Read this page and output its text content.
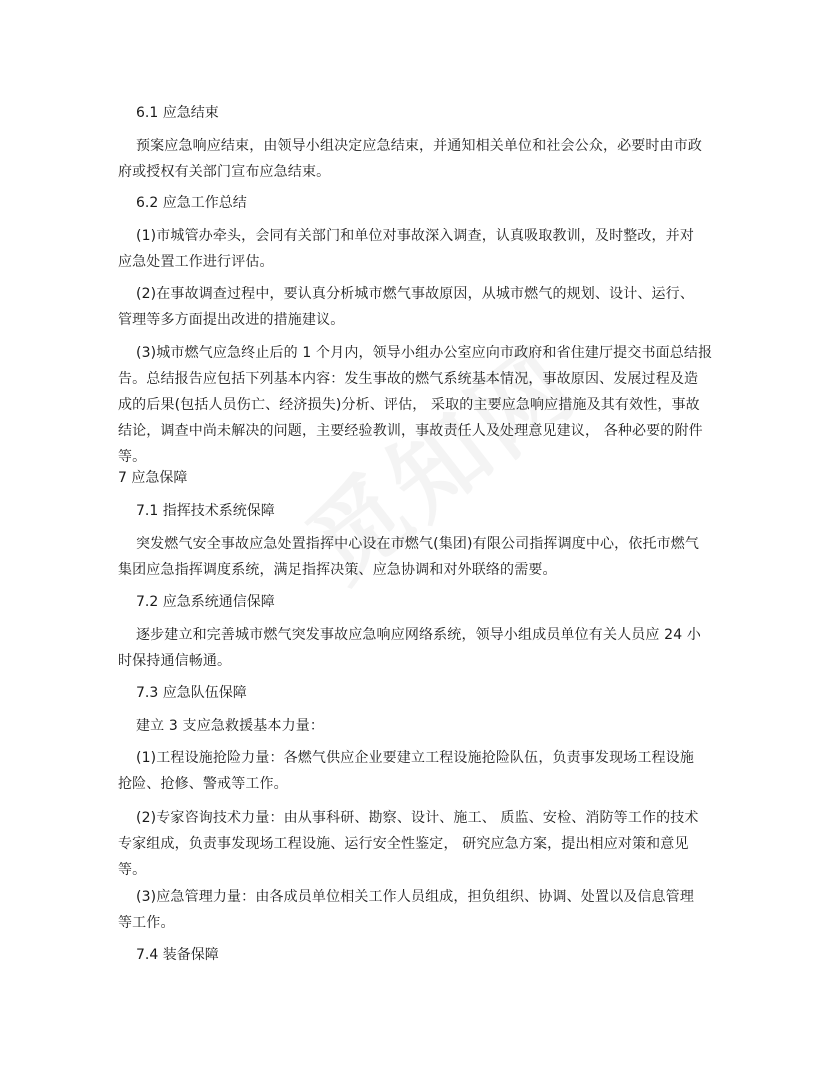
6.1 应急结束
预案应急响应结束，由领导小组决定应急结束，并通知相关单位和社会公众，必要时由市政
府或授权有关部门宣布应急结束。
6.2 应急工作总结
(1)市城管办牵头，会同有关部门和单位对事故深入调查，认真吸取教训，及时整改，并对
应急处置工作进行评估。
(2)在事故调查过程中，要认真分析城市燃气事故原因，从城市燃气的规划、设计、运行、
管理等多方面提出改进的措施建议。
(3)城市燃气应急终止后的 1 个月内，领导小组办公室应向市政府和省住建厅提交书面总结报
告。总结报告应包括下列基本内容：发生事故的燃气系统基本情况，事故原因、发展过程及造
成的后果(包括人员伤亡、经济损失)分析、评估， 采取的主要应急响应措施及其有效性，事故
结论，调查中尚未解决的问题，主要经验教训，事故责任人及处理意见建议， 各种必要的附件
等。
7 应急保障
7.1 指挥技术系统保障
突发燃气安全事故应急处置指挥中心设在市燃气(集团)有限公司指挥调度中心，依托市燃气
集团应急指挥调度系统，满足指挥决策、应急协调和对外联络的需要。
7.2 应急系统通信保障
逐步建立和完善城市燃气突发事故应急响应网络系统，领导小组成员单位有关人员应 24 小
时保持通信畅通。
7.3 应急队伍保障
建立 3 支应急救援基本力量：
(1)工程设施抢险力量：各燃气供应企业要建立工程设施抢险队伍，负责事发现场工程设施
抢险、抢修、警戒等工作。
(2)专家咨询技术力量：由从事科研、勘察、设计、施工、 质监、安检、消防等工作的技术
专家组成，负责事发现场工程设施、运行安全性鉴定， 研究应急方案，提出相应对策和意见
等。
(3)应急管理力量：由各成员单位相关工作人员组成，担负组织、协调、处置以及信息管理
等工作。
7.4 装备保障
